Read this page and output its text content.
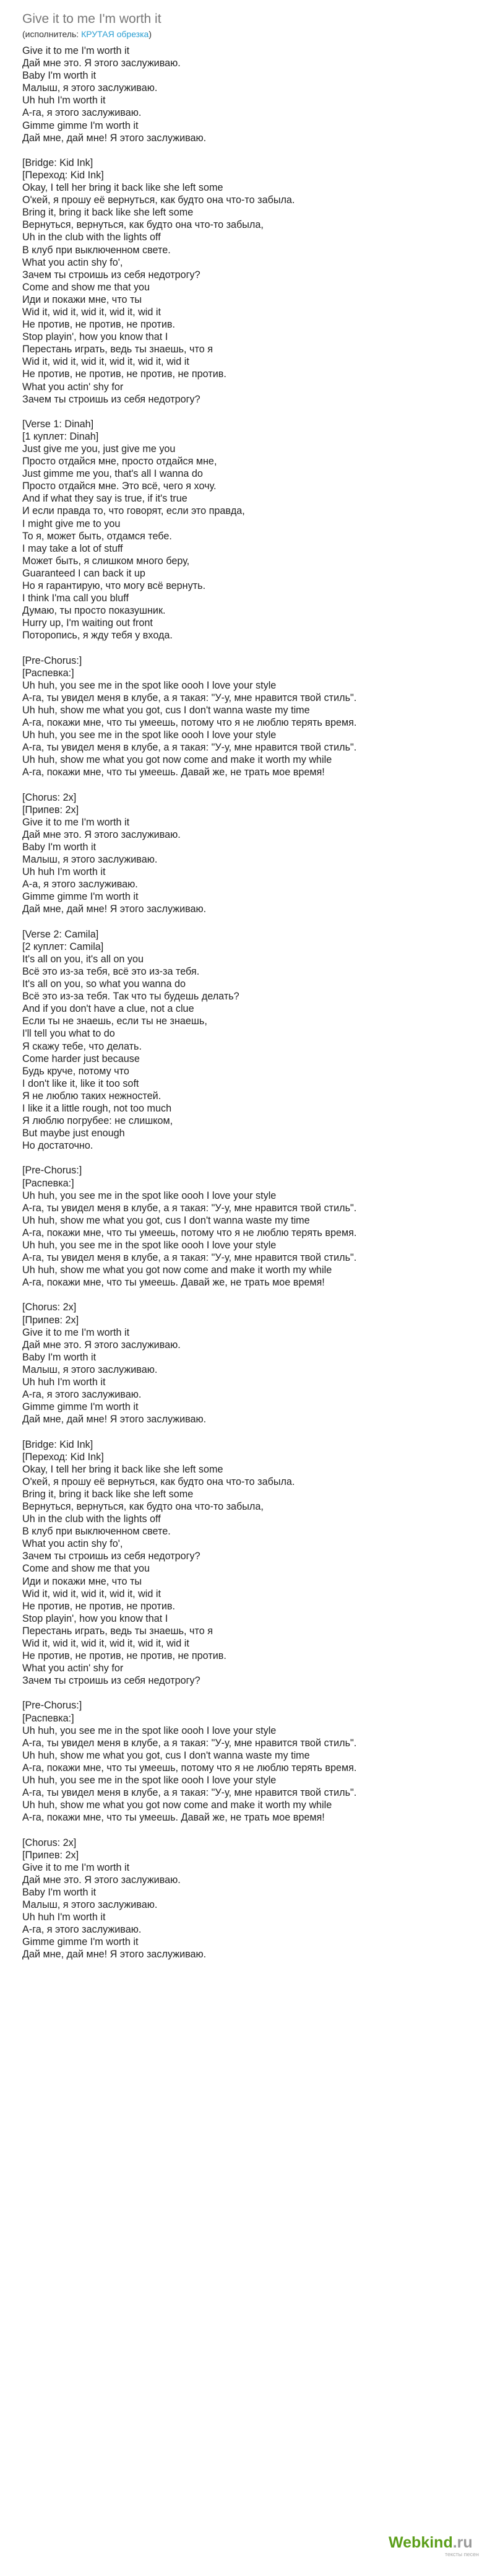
Give it to me I'm worth it
(исполнитель: КРУТАЯ обрезка)
Give it to me I'm worth it
Дай мне это. Я этого заслуживаю.
Baby I'm worth it
Малыш, я этого заслуживаю.
Uh huh I'm worth it
А-га, я этого заслуживаю.
Gimme gimme I'm worth it
Дай мне, дай мне! Я этого заслуживаю.
[Bridge: Kid Ink]
[Переход: Kid Ink]
Okay, I tell her bring it back like she left some
О'кей, я прошу её вернуться, как будто она что-то забыла.
Bring it, bring it back like she left some
Вернуться, вернуться, как будто она что-то забыла,
Uh in the club with the lights off
В клуб при выключенном свете.
What you actin shy fo',
Зачем ты строишь из себя недотрогу?
Come and show me that you
Иди и покажи мне, что ты
Wid it, wid it, wid it, wid it, wid it
Не против, не против, не против.
Stop playin', how you know that I
Перестань играть, ведь ты знаешь, что я
Wid it, wid it, wid it, wid it, wid it, wid it
Не против, не против, не против, не против.
What you actin' shy for
Зачем ты строишь из себя недотрогу?
[Verse 1: Dinah]
[1 куплет: Dinah]
Just give me you, just give me you
Просто отдайся мне, просто отдайся мне,
Just gimme me you, that's all I wanna do
Просто отдайся мне. Это всё, чего я хочу.
And if what they say is true, if it's true
И если правда то, что говорят, если это правда,
I might give me to you
То я, может быть, отдамся тебе.
I may take a lot of stuff
Может быть, я слишком много беру,
Guaranteed I can back it up
Но я гарантирую, что могу всё вернуть.
I think I'ma call you bluff
Думаю, ты просто показушник.
Hurry up, I'm waiting out front
Поторопись, я жду тебя у входа.
[Pre-Chorus:]
[Распевка:]
Uh huh, you see me in the spot like oooh I love your style
А-га, ты увидел меня в клубе, а я такая: "У-у, мне нравится твой стиль".
Uh huh, show me what you got, cus I don't wanna waste my time
А-га, покажи мне, что ты умеешь, потому что я не люблю терять время.
Uh huh, you see me in the spot like oooh I love your style
А-га, ты увидел меня в клубе, а я такая: "У-у, мне нравится твой стиль".
Uh huh, show me what you got now come and make it worth my while
А-га, покажи мне, что ты умеешь. Давай же, не трать мое время!
[Chorus: 2x]
[Припев: 2x]
Give it to me I'm worth it
Дай мне это. Я этого заслуживаю.
Baby I'm worth it
Малыш, я этого заслуживаю.
Uh huh I'm worth it
А-а, я этого заслуживаю.
Gimme gimme I'm worth it
Дай мне, дай мне! Я этого заслуживаю.
[Verse 2: Camila]
[2 куплет: Camila]
It's all on you, it's all on you
Всё это из-за тебя, всё это из-за тебя.
It's all on you, so what you wanna do
Всё это из-за тебя. Так что ты будешь делать?
And if you don't have a clue, not a clue
Если ты не знаешь, если ты не знаешь,
I'll tell you what to do
Я скажу тебе, что делать.
Come harder just because
Будь круче, потому что
I don't like it, like it too soft
Я не люблю таких нежностей.
I like it a little rough, not too much
Я люблю погрубее: не слишком,
But maybe just enough
Но достаточно.
[Pre-Chorus:]
[Распевка:]
Uh huh, you see me in the spot like oooh I love your style
А-га, ты увидел меня в клубе, а я такая: "У-у, мне нравится твой стиль".
Uh huh, show me what you got, cus I don't wanna waste my time
А-га, покажи мне, что ты умеешь, потому что я не люблю терять время.
Uh huh, you see me in the spot like oooh I love your style
А-га, ты увидел меня в клубе, а я такая: "У-у, мне нравится твой стиль".
Uh huh, show me what you got now come and make it worth my while
А-га, покажи мне, что ты умеешь. Давай же, не трать мое время!
[Chorus: 2x]
[Припев: 2x]
Give it to me I'm worth it
Дай мне это. Я этого заслуживаю.
Baby I'm worth it
Малыш, я этого заслуживаю.
Uh huh I'm worth it
А-га, я этого заслуживаю.
Gimme gimme I'm worth it
Дай мне, дай мне! Я этого заслуживаю.
[Bridge: Kid Ink]
[Переход: Kid Ink]
Okay, I tell her bring it back like she left some
О'кей, я прошу её вернуться, как будто она что-то забыла.
Bring it, bring it back like she left some
Вернуться, вернуться, как будто она что-то забыла,
Uh in the club with the lights off
В клуб при выключенном свете.
What you actin shy fo',
Зачем ты строишь из себя недотрогу?
Come and show me that you
Иди и покажи мне, что ты
Wid it, wid it, wid it, wid it, wid it
Не против, не против, не против.
Stop playin', how you know that I
Перестань играть, ведь ты знаешь, что я
Wid it, wid it, wid it, wid it, wid it, wid it
Не против, не против, не против, не против.
What you actin' shy for
Зачем ты строишь из себя недотрогу?
[Pre-Chorus:]
[Распевка:]
Uh huh, you see me in the spot like oooh I love your style
А-га, ты увидел меня в клубе, а я такая: "У-у, мне нравится твой стиль".
Uh huh, show me what you got, cus I don't wanna waste my time
А-га, покажи мне, что ты умеешь, потому что я не люблю терять время.
Uh huh, you see me in the spot like oooh I love your style
А-га, ты увидел меня в клубе, а я такая: "У-у, мне нравится твой стиль".
Uh huh, show me what you got now come and make it worth my while
А-га, покажи мне, что ты умеешь. Давай же, не трать мое время!
[Chorus: 2x]
[Припев: 2x]
Give it to me I'm worth it
Дай мне это. Я этого заслуживаю.
Baby I'm worth it
Малыш, я этого заслуживаю.
Uh huh I'm worth it
А-га, я этого заслуживаю.
Gimme gimme I'm worth it
Дай мне, дай мне! Я этого заслуживаю.
Webkind.ru
тексты песен
